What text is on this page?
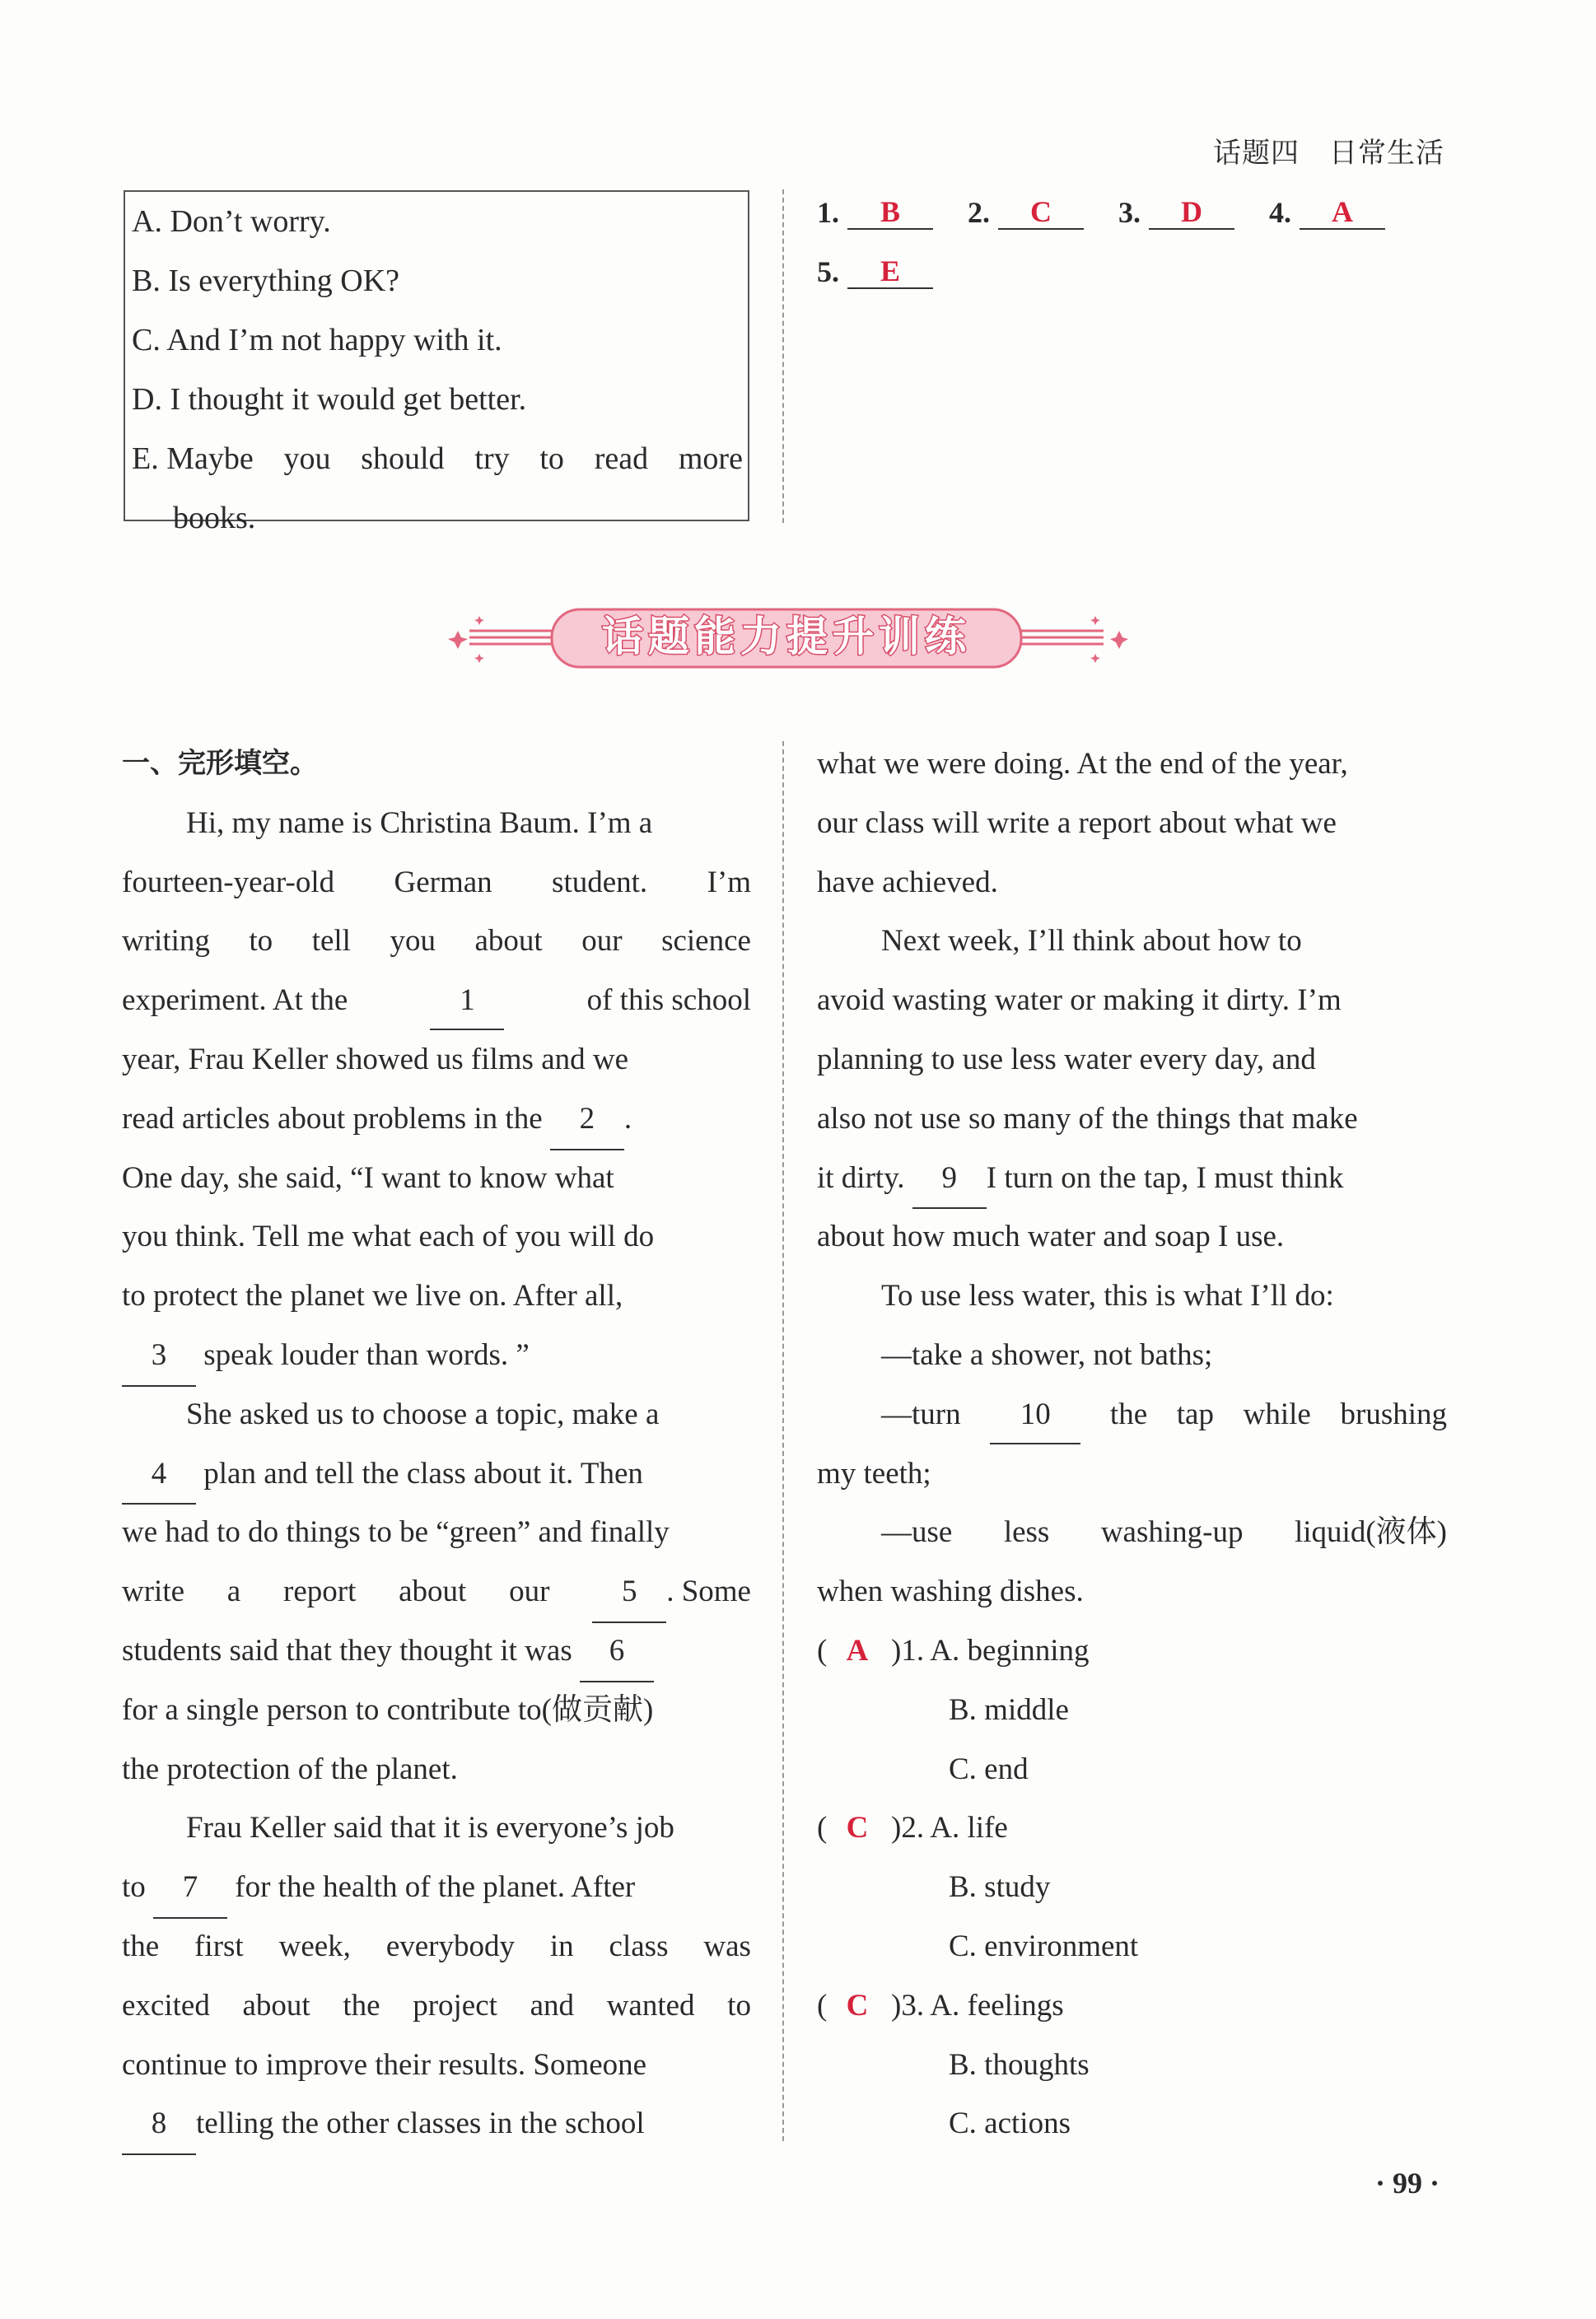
话题四 日常生活
A. Don’t worry.
B. Is everything OK?
C. And I’m not happy with it.
D. I thought it would get better.
E. Maybe you should try to read more
books.
1.	B	2.	C	3.	D	4.	A
5.	E
话题能力提升训练
一、完形填空。
Hi, my name is Christina Baum. I’m a
fourteen-year-old German student. I’m
writing to tell you about our science
experiment. At the	1	of this school
year, Frau Keller showed us films and we
read articles about problems in the 2 .
One day, she said, “I want to know what
you think. Tell me what each of you will do
to protect the planet we live on. After all,
3 speak louder than words. ”
She asked us to choose a topic, make a
4 plan and tell the class about it. Then
we had to do things to be “green” and finally
write a report about our	5 . Some
students said that they thought it was 6
for a single person to contribute to(做贡献)
the protection of the planet.
Frau Keller said that it is everyone’s job
to 7 for the health of the planet. After
the first week, everybody in class was
excited about the project and wanted to
continue to improve their results. Someone
8 telling the other classes in the school
what we were doing. At the end of the year,
our class will write a report about what we
have achieved.
Next week, I’ll think about how to
avoid wasting water or making it dirty. I’m
planning to use less water every day, and
also not use so many of the things that make
it dirty. 9 I turn on the tap, I must think
about how much water and soap I use.
To use less water, this is what I’ll do:
—take a shower, not baths;
—turn	10	the tap while brushing
my teeth;
—use less washing-up liquid(液体)
when washing dishes.
( A )1. A. beginning
B. middle
C. end
( C )2. A. life
B. study
C. environment
( C )3. A. feelings
B. thoughts
C. actions
· 99 ·
